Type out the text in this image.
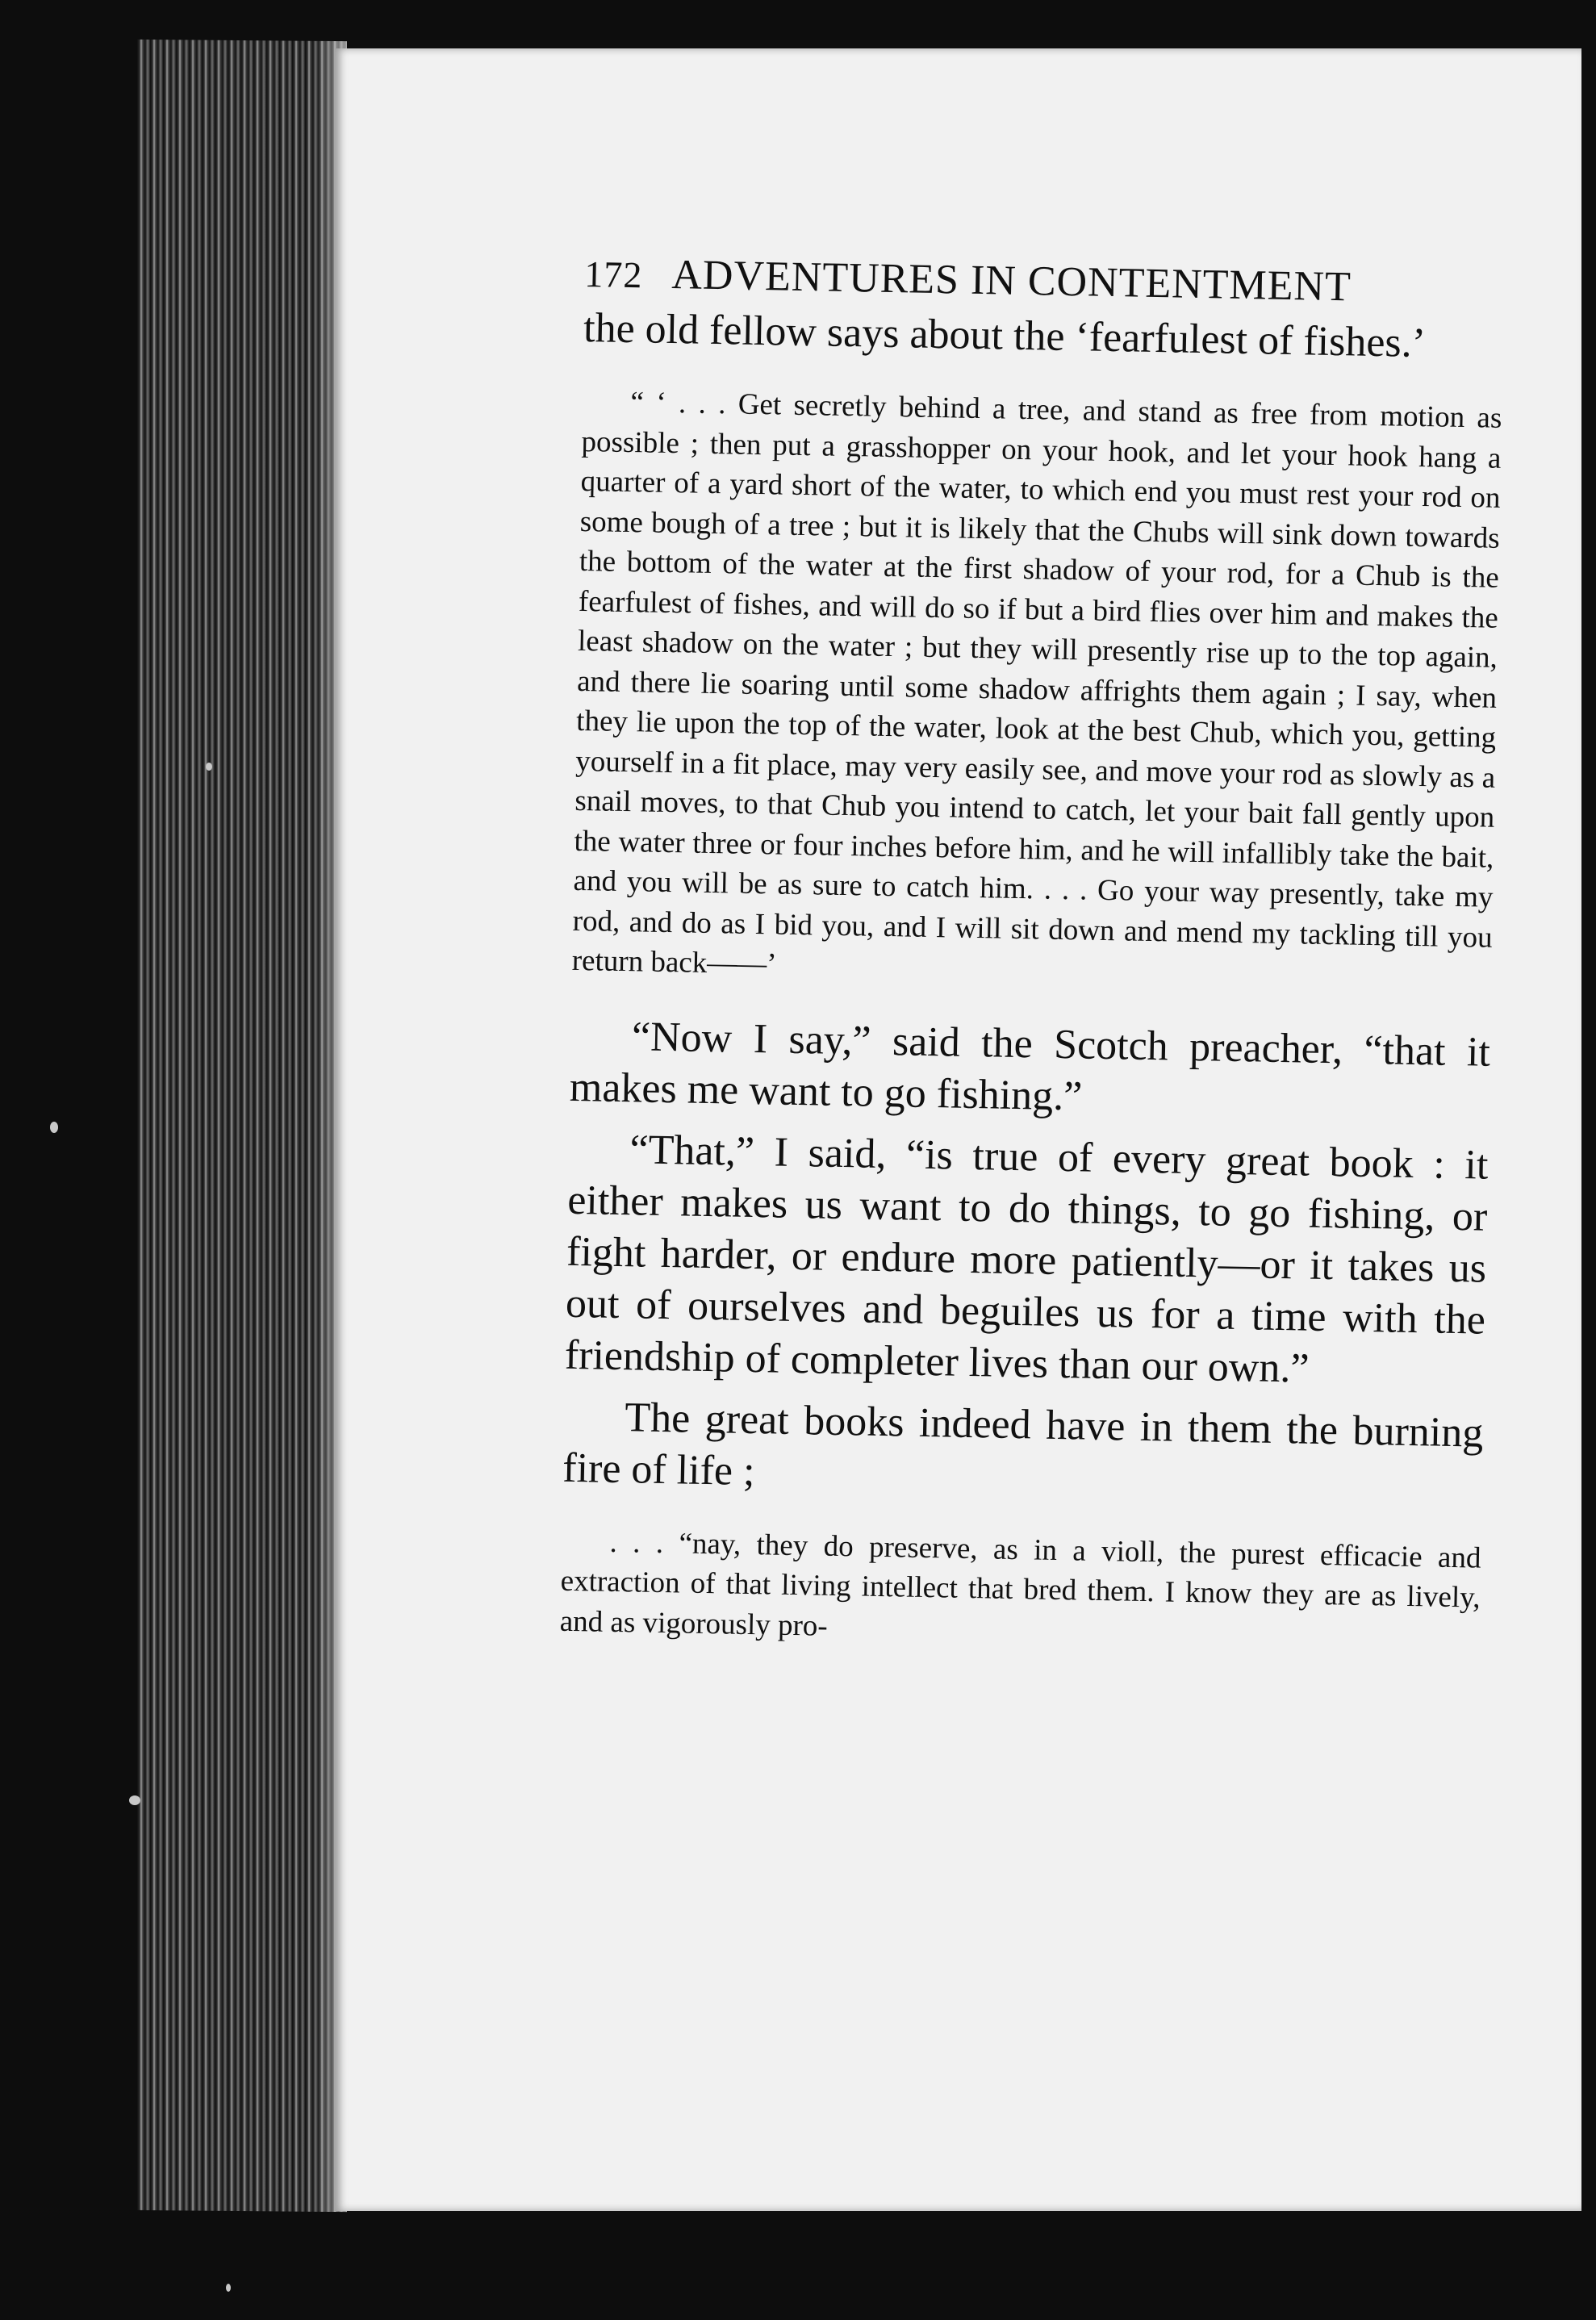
172 ADVENTURES IN CONTENTMENT

the old fellow says about the ‘fearfulest of fishes.’

“ ‘ . . . Get secretly behind a tree, and stand as free from motion as possible ; then put a grasshopper on your hook, and let your hook hang a quarter of a yard short of the water, to which end you must rest your rod on some bough of a tree ; but it is likely that the Chubs will sink down towards the bottom of the water at the first shadow of your rod, for a Chub is the fearfulest of fishes, and will do so if but a bird flies over him and makes the least shadow on the water ; but they will presently rise up to the top again, and there lie soaring until some shadow affrights them again ; I say, when they lie upon the top of the water, look at the best Chub, which you, getting yourself in a fit place, may very easily see, and move your rod as slowly as a snail moves, to that Chub you intend to catch, let your bait fall gently upon the water three or four inches before him, and he will infallibly take the bait, and you will be as sure to catch him. . . . Go your way presently, take my rod, and do as I bid you, and I will sit down and mend my tackling till you return back——’

“Now I say,” said the Scotch preacher, “that it makes me want to go fishing.”

“That,” I said, “is true of every great book : it either makes us want to do things, to go fishing, or fight harder, or endure more patiently—or it takes us out of ourselves and beguiles us for a time with the friendship of completer lives than our own.”

The great books indeed have in them the burning fire of life ;

. . . “nay, they do preserve, as in a violl, the purest efficacie and extraction of that living intellect that bred them. I know they are as lively, and as vigorously pro-
